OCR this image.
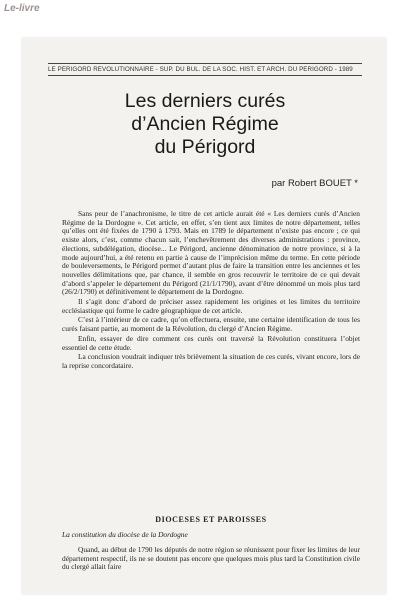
Le-livre
LE PÉRIGORD RÉVOLUTIONNAIRE - SUP. DU BUL. DE LA SOC. HIST. ET ARCH. DU PÉRIGORD - 1989
Les derniers curés
d’Ancien Régime
du Périgord
par Robert BOUET *

Sans peur de l’anachronisme, le titre de cet article aurait été « Les derniers curés d’Ancien Régime de la Dordogne ». Cet article, en effet, s’en tient aux limites de notre département, telles qu’elles ont été fixées de 1790 à 1793. Mais en 1789 le département n’existe pas encore ; ce qui existe alors, c’est, comme chacun sait, l’enchevêtrement des diverses administrations : province, élections, subdélégation, diocèse... Le Périgord, ancienne dénomination de notre province, si à la mode aujourd’hui, a été retenu en partie à cause de l’imprécision même du terme. En cette période de bouleversements, le Périgord permet d’autant plus de faire la transition entre les anciennes et les nouvelles délimitations que, par chance, il semble en gros recouvrir le territoire de ce qui devait d’abord s’appeler le département du Périgord (21/1/1790), avant d’être dénommé un mois plus tard (26/2/1790) et définitivement le département de la Dordogne.

Il s’agit donc d’abord de préciser assez rapidement les origines et les limites du territoire ecclésiastique qui forme le cadre géographique de cet article.

C’est à l’intérieur de ce cadre, qu’on effectuera, ensuite, une certaine identification de tous les curés faisant partie, au moment de la Révolution, du clergé d’Ancien Régime.

Enfin, essayer de dire comment ces curés ont traversé la Révolution constituera l’objet essentiel de cette étude.

La conclusion voudrait indiquer très brièvement la situation de ces curés, vivant encore, lors de la reprise concordataire.

DIOCESES ET PAROISSES
La constitution du diocèse de la Dordogne

Quand, au début de 1790 les députés de notre région se réunissent pour fixer les limites de leur département respectif, ils ne se doutent pas encore que quelques mois plus tard la Constitution civile du clergé allait faire
